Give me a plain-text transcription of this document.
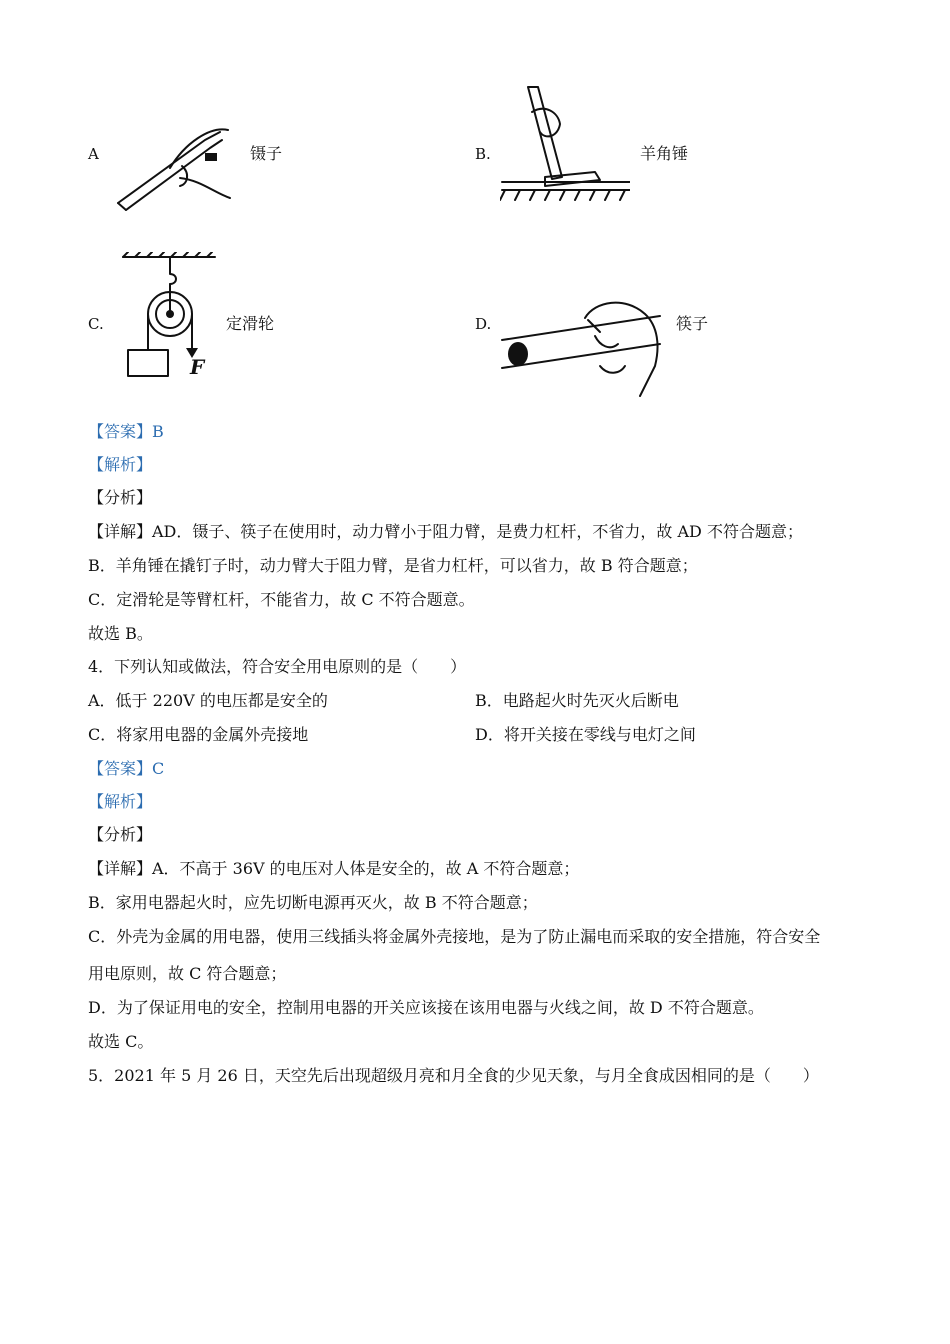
A	镊子	B.	羊角锤
C.
F
定滑轮	D.	筷子
【答案】B
【解析】
【分析】
【详解】AD．镊子、筷子在使用时，动力臂小于阻力臂，是费力杠杆，不省力，故 AD 不符合题意；
B．羊角锤在撬钉子时，动力臂大于阻力臂，是省力杠杆，可以省力，故 B 符合题意；
C．定滑轮是等臂杠杆，不能省力，故 C 不符合题意。
故选 B。
4．下列认知或做法，符合安全用电原则的是（　　）
A．低于 220V 的电压都是安全的	B．电路起火时先灭火后断电
C．将家用电器的金属外壳接地	D．将开关接在零线与电灯之间
【答案】C
【解析】
【分析】
【详解】A．不高于 36V 的电压对人体是安全的，故 A 不符合题意；
B．家用电器起火时，应先切断电源再灭火，故 B 不符合题意；
C．外壳为金属的用电器，使用三线插头将金属外壳接地，是为了防止漏电而采取的安全措施，符合安全
用电原则，故 C 符合题意；
D．为了保证用电的安全，控制用电器的开关应该接在该用电器与火线之间，故 D 不符合题意。
故选 C。
5．2021 年 5 月 26 日，天空先后出现超级月亮和月全食的少见天象，与月全食成因相同的是（　　）
